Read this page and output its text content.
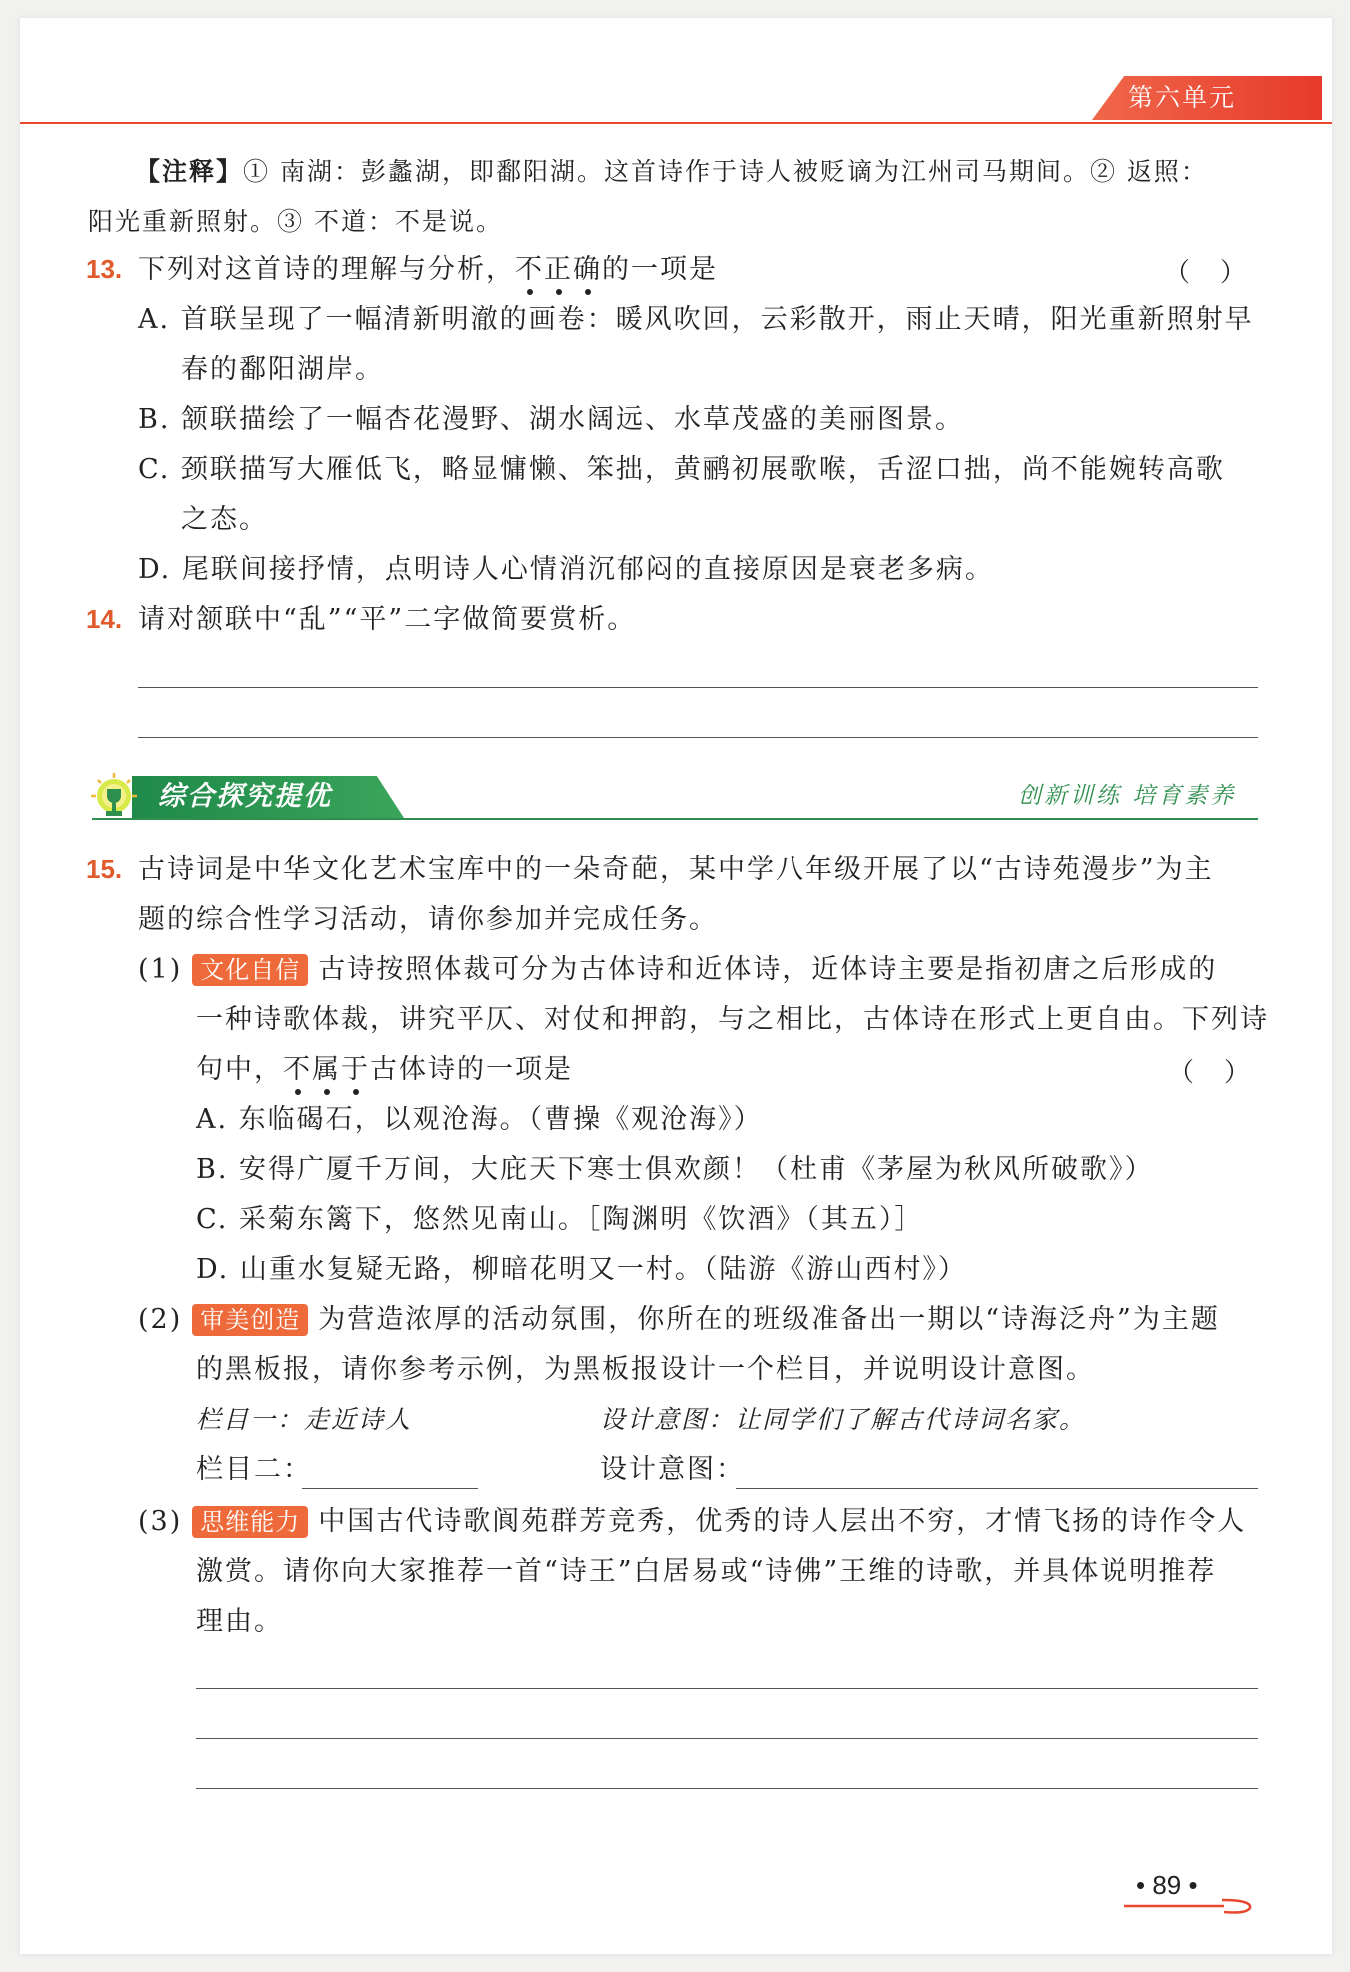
第六单元
【注释】① 南湖：彭蠡湖，即鄱阳湖。这首诗作于诗人被贬谪为江州司马期间。② 返照：
阳光重新照射。③ 不道：不是说。
13. 下列对这首诗的理解与分析，不正确的一项是	（）
A. 首联呈现了一幅清新明澈的画卷：暖风吹回，云彩散开，雨止天晴，阳光重新照射早
春的鄱阳湖岸。
B. 颔联描绘了一幅杏花漫野、湖水阔远、水草茂盛的美丽图景。
C. 颈联描写大雁低飞，略显慵懒、笨拙，黄鹂初展歌喉，舌涩口拙，尚不能婉转高歌
之态。
D. 尾联间接抒情，点明诗人心情消沉郁闷的直接原因是衰老多病。
14. 请对颔联中“乱”“平”二字做简要赏析。
综合探究提优	创新训练 培育素养
15. 古诗词是中华文化艺术宝库中的一朵奇葩，某中学八年级开展了以“古诗苑漫步”为主
题的综合性学习活动，请你参加并完成任务。
(1) 文化自信 古诗按照体裁可分为古体诗和近体诗，近体诗主要是指初唐之后形成的
一种诗歌体裁，讲究平仄、对仗和押韵，与之相比，古体诗在形式上更自由。下列诗
句中，不属于古体诗的一项是	（）
A. 东临碣石，以观沧海。（曹操《观沧海》）
B. 安得广厦千万间，大庇天下寒士俱欢颜！（杜甫《茅屋为秋风所破歌》）
C. 采菊东篱下，悠然见南山。［陶渊明《饮酒》（其五）］
D. 山重水复疑无路，柳暗花明又一村。（陆游《游山西村》）
(2) 审美创造 为营造浓厚的活动氛围，你所在的班级准备出一期以“诗海泛舟”为主题
的黑板报，请你参考示例，为黑板报设计一个栏目，并说明设计意图。
栏目一：走近诗人	设计意图：让同学们了解古代诗词名家。
栏目二：	设计意图：
(3) 思维能力 中国古代诗歌阆苑群芳竞秀，优秀的诗人层出不穷，才情飞扬的诗作令人
激赏。请你向大家推荐一首“诗王”白居易或“诗佛”王维的诗歌，并具体说明推荐
理由。
• 89 •
